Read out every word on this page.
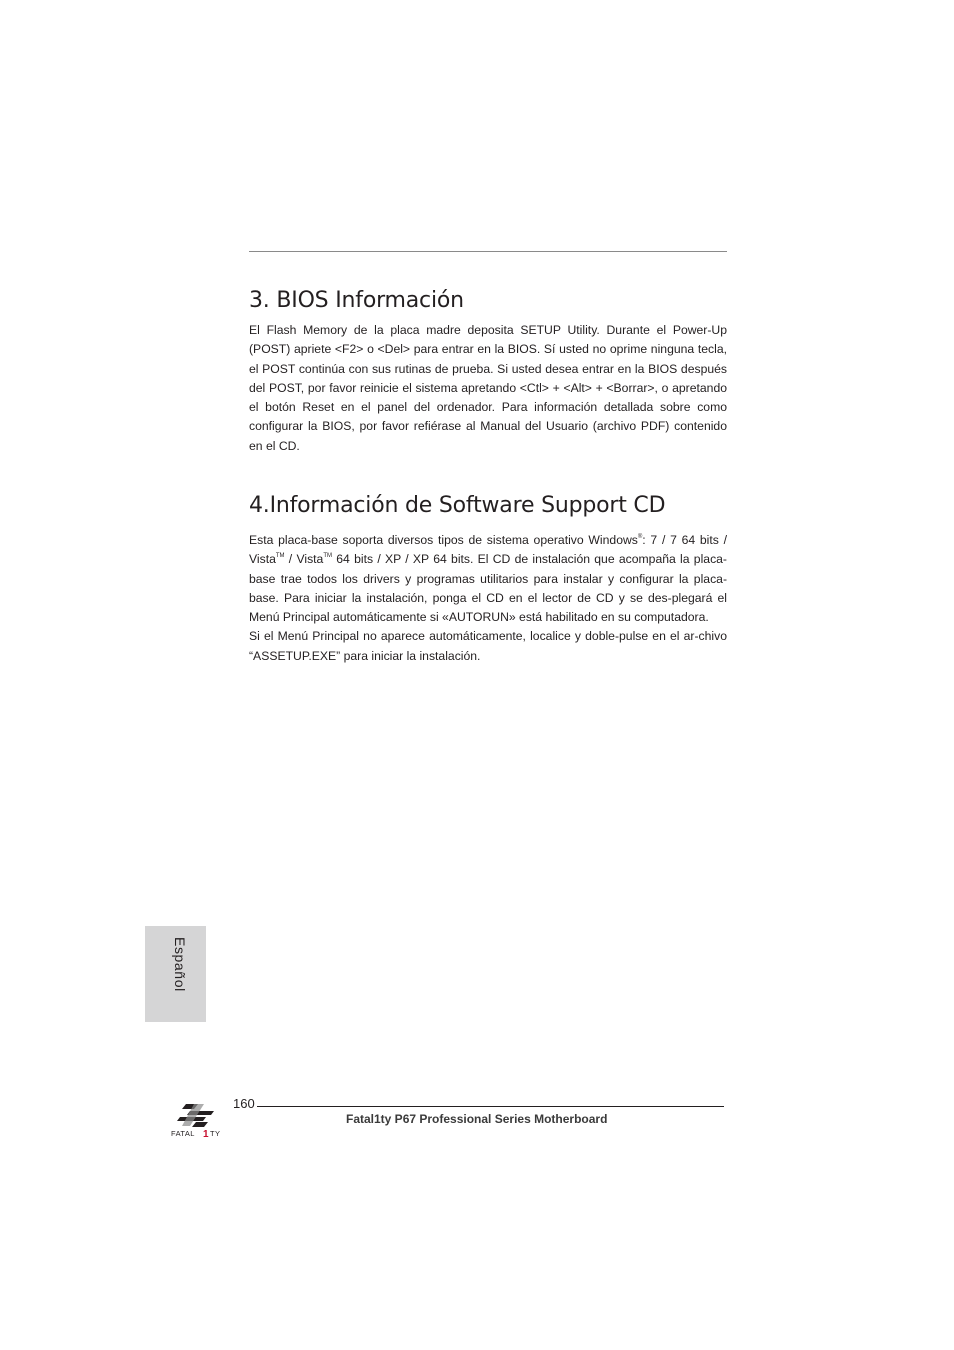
3. BIOS Información

El Flash Memory de la placa madre deposita SETUP Utility. Durante el Power-Up (POST) apriete <F2> o <Del> para entrar en la BIOS. Sí usted no oprime ninguna tecla, el POST continúa con sus rutinas de prueba. Si usted desea entrar en la BIOS después del POST, por favor reinicie el sistema apretando <Ctl> + <Alt> + <Borrar>, o apretando el botón Reset en el panel del ordenador. Para información detallada sobre como configurar la BIOS, por favor refiérase al Manual del Usuario (archivo PDF) contenido en el CD.

4.Información de Software Support CD

Esta placa-base soporta diversos tipos de sistema operativo Windows®: 7 / 7 64 bits / Vista™ / Vista™ 64 bits / XP / XP 64 bits. El CD de instalación que acompaña la placa-base trae todos los drivers y programas utilitarios para instalar y configurar la placa-base. Para iniciar la instalación, ponga el CD en el lector de CD y se des-plegará el Menú Principal automáticamente si «AUTORUN» está habilitado en su computadora.

Si el Menú Principal no aparece automáticamente, localice y doble-pulse en el ar-chivo “ASSETUP.EXE” para iniciar la instalación.

Español
160
Fatal1ty P67 Professional Series Motherboard
FATAL 1 TY
